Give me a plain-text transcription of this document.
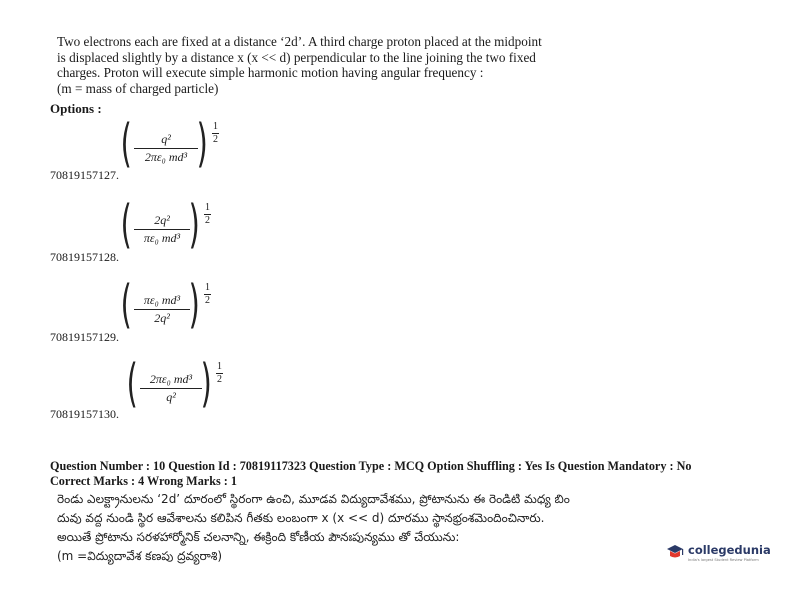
Two electrons each are fixed at a distance ‘2d’. A third charge proton placed at the midpoint

is displaced slightly by a distance x (x << d) perpendicular to the line joining the two fixed

charges. Proton will execute simple harmonic motion having angular frequency :

(m = mass of charged particle)

Options :
(	q²
2πε₀ md³ ) 1
2
70819157127.
(	2q²
πε₀ md³ ) 1
2
70819157128.
(	πε₀ md³
2q² ) 1
2
70819157129.
(	2πε₀ md³
q² ) 1
2
70819157130.
Question Number : 10 Question Id : 70819117323 Question Type : MCQ Option Shuffling : Yes Is Question Mandatory : No
Correct Marks : 4 Wrong Marks : 1

రెండు ఎలక్ట్రానులను ‘2d’ దూరంలో స్థిరంగా ఉంచి, మూడవ విద్యుదావేశము, ప్రోటానును ఈ రెండిటి మధ్య బిం

దువు వద్ద నుండి స్థిర ఆవేశాలను కలిపిన గీతకు లంబంగా x (x << d) దూరము స్థానభ్రంశమెందించినారు.

అయితే ప్రోటాను సరళహార్మోనిక్ చలనాన్ని, ఈక్రింది కోణీయ పౌనఃపున్యము తో చేయును:

(m =విద్యుదావేశ కణపు ద్రవ్యరాశి)	collegedunia
India's largest Student Review Platform
